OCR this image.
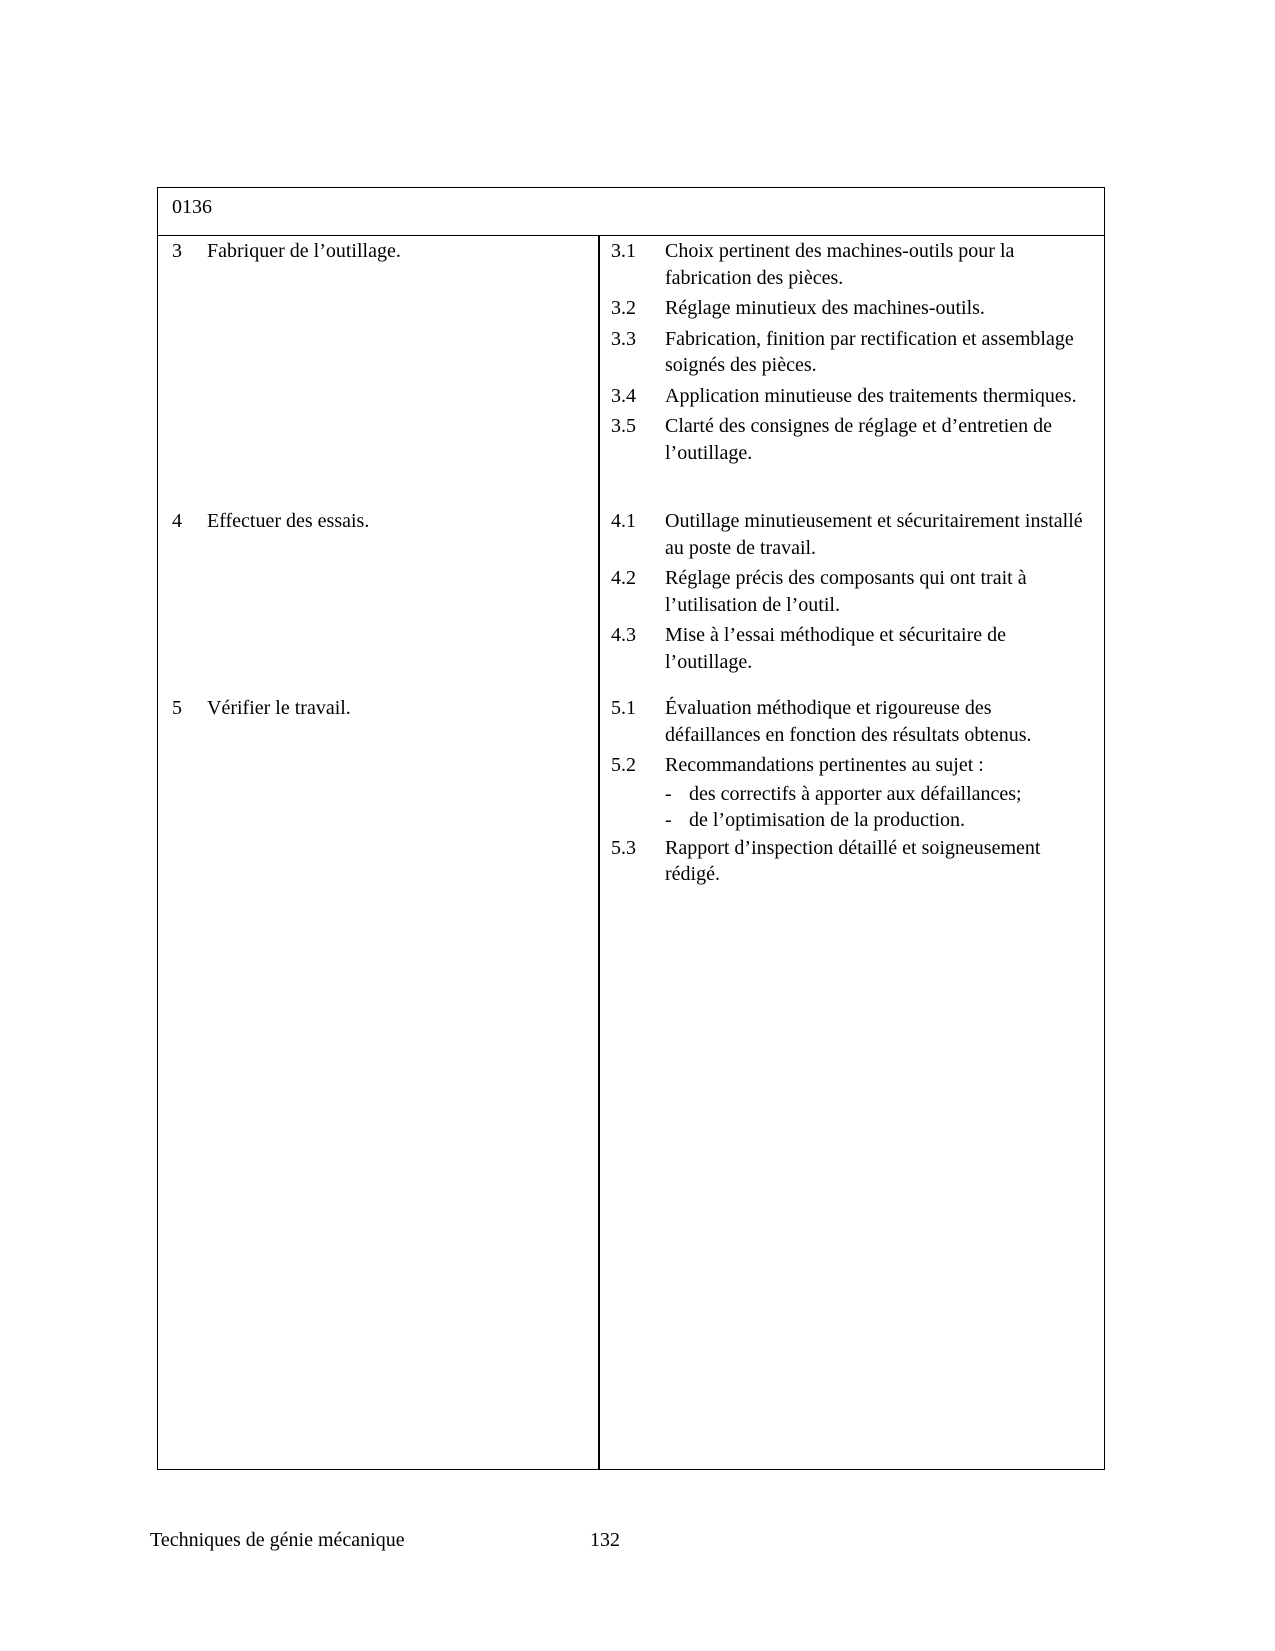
0136
3	Fabriquer de l’outillage.	3.1	Choix pertinent des machines-outils pour la fabrication des pièces.
3.2	Réglage minutieux des machines-outils.
3.3	Fabrication, finition par rectification et assemblage soignés des pièces.
3.4	Application minutieuse des traitements thermiques.
3.5	Clarté des consignes de réglage et d’entretien de l’outillage.
4	Effectuer des essais.	4.1	Outillage minutieusement et sécuritairement installé au poste de travail.
4.2	Réglage précis des composants qui ont trait à l’utilisation de l’outil.
4.3	Mise à l’essai méthodique et sécuritaire de l’outillage.
5	Vérifier le travail.	5.1	Évaluation méthodique et rigoureuse des défaillances en fonction des résultats obtenus.
5.2	Recommandations pertinentes au sujet :
- des correctifs à apporter aux défaillances;
- de l’optimisation de la production.
5.3	Rapport d’inspection détaillé et soigneusement rédigé.
Techniques de génie mécanique	132
